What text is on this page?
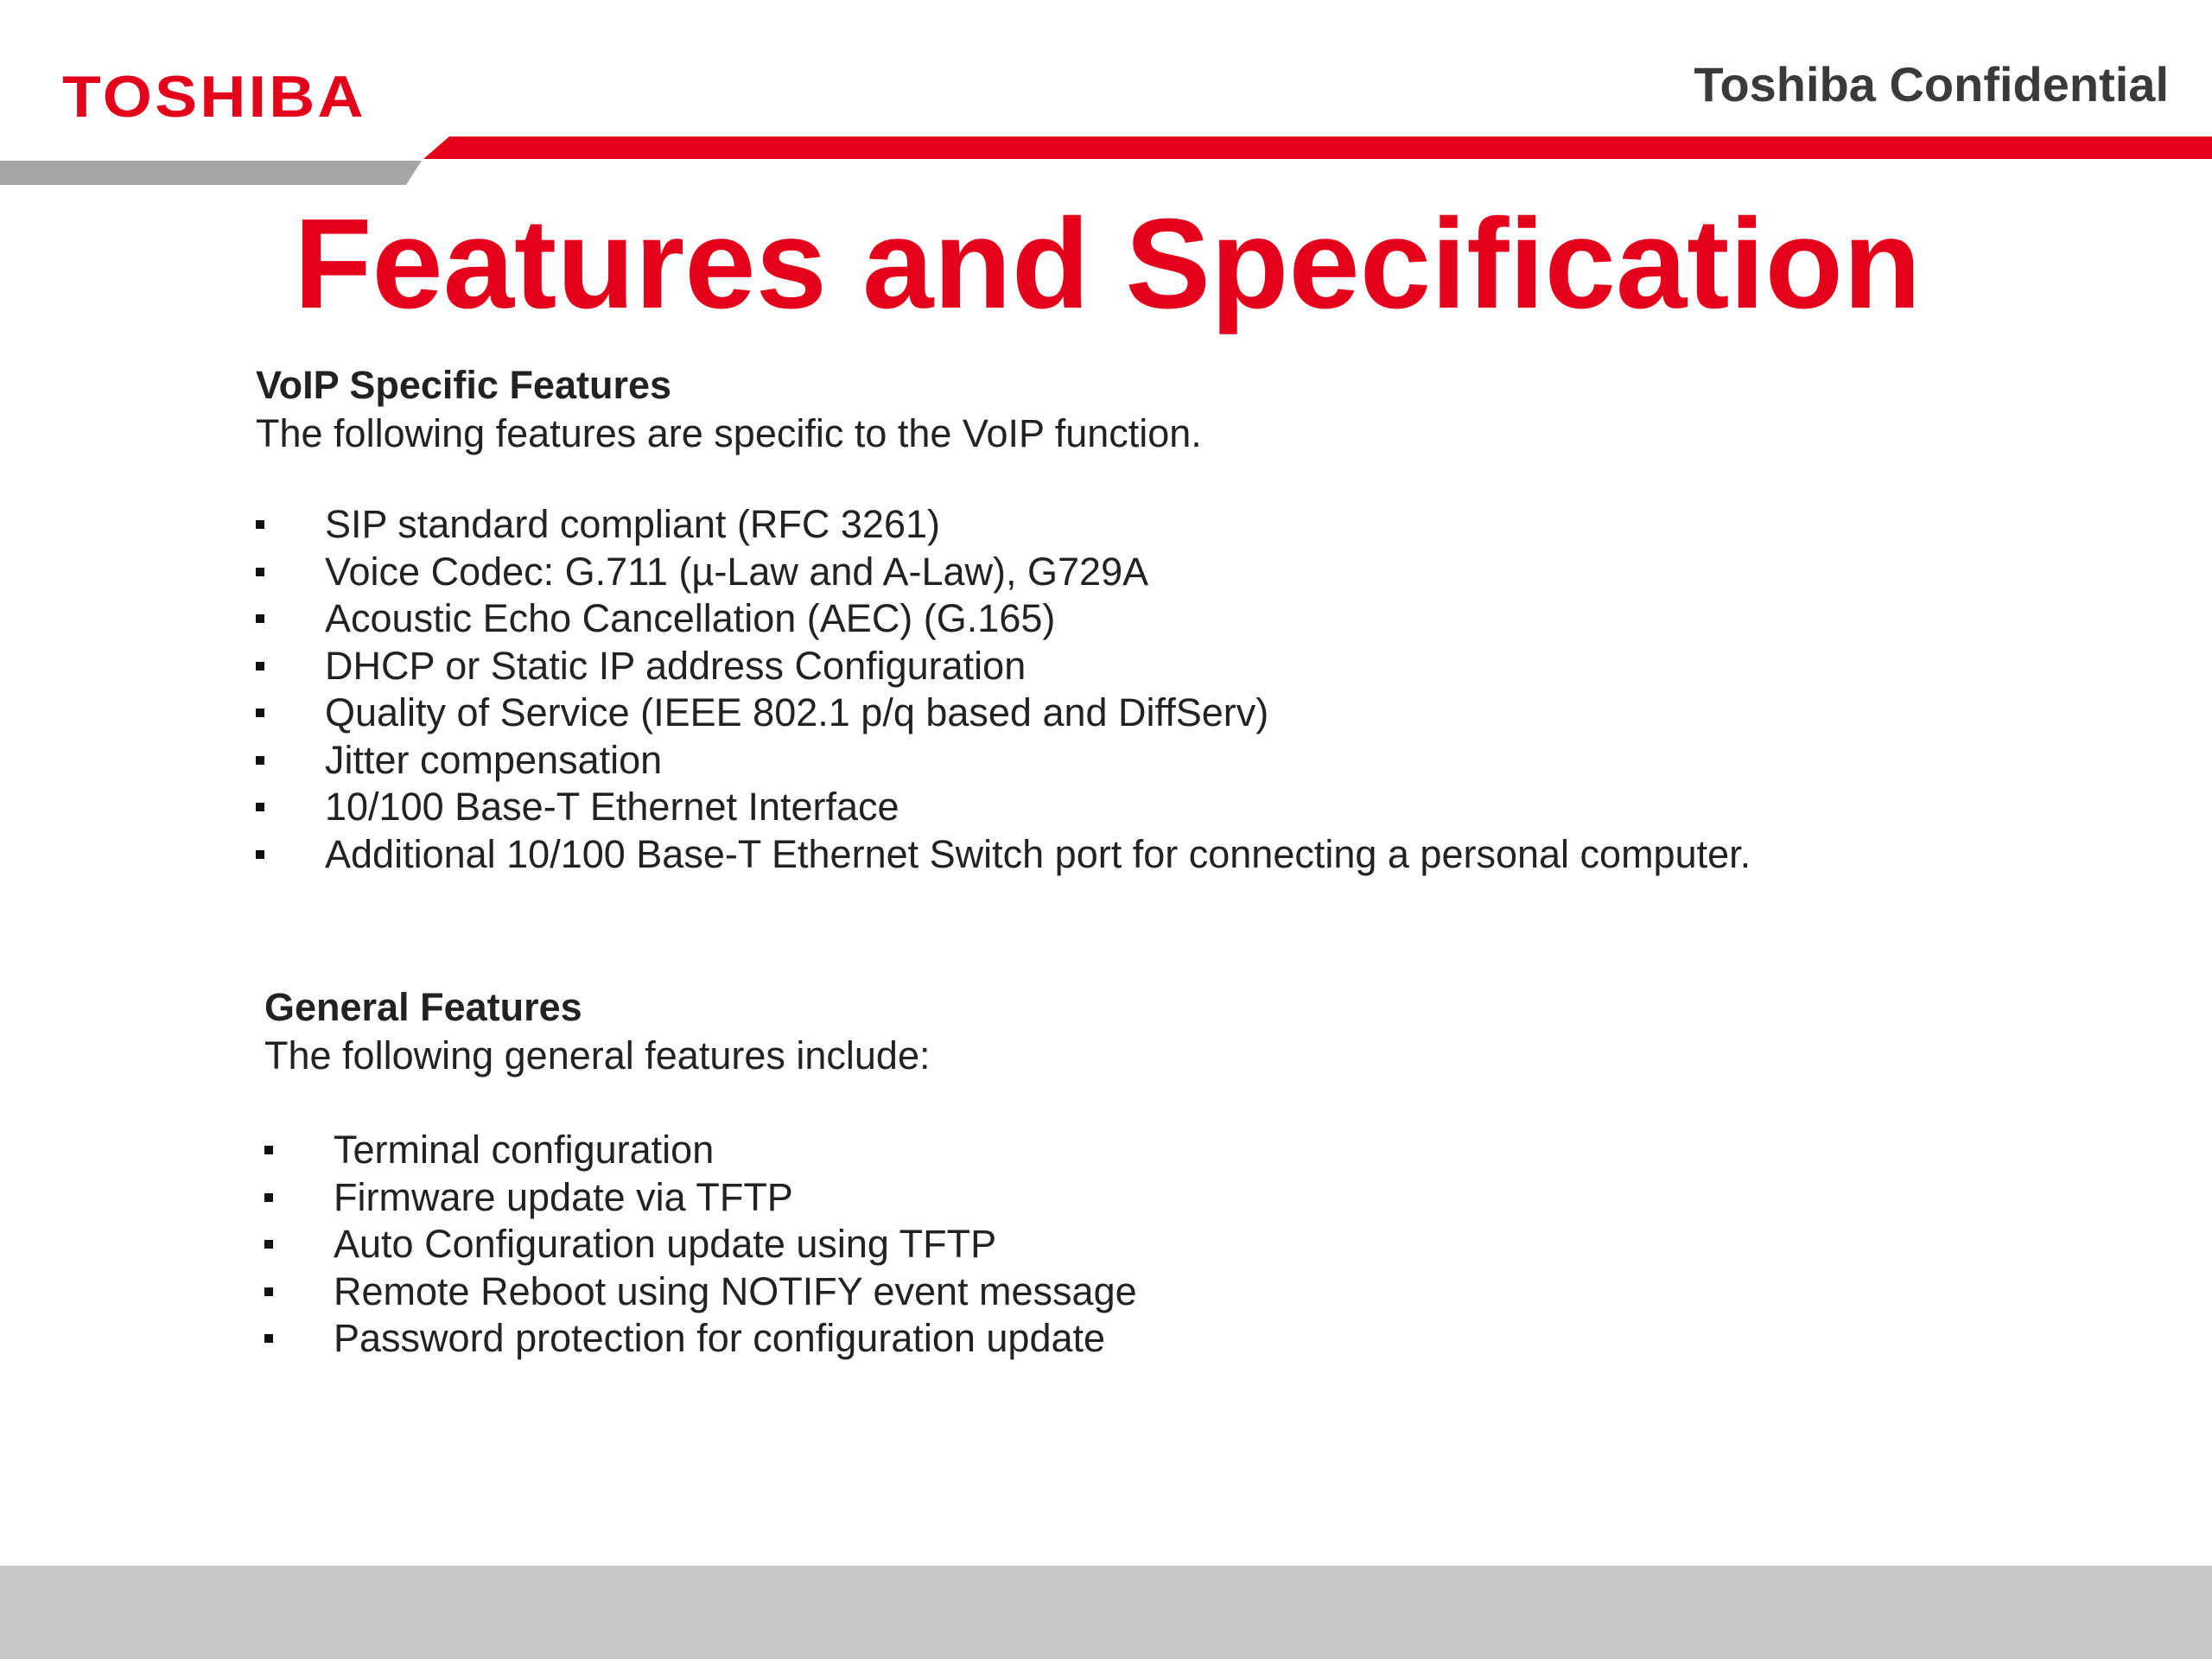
TOSHIBA	Toshiba Confidential
Features and Specification
VoIP Specific Features

The following features are specific to the VoIP function.

SIP standard compliant (RFC 3261)
Voice Codec: G.711 (µ-Law and A-Law), G729A
Acoustic Echo Cancellation (AEC) (G.165)
DHCP or Static IP address Configuration
Quality of Service (IEEE 802.1 p/q based and DiffServ)
Jitter compensation
10/100 Base-T Ethernet Interface
Additional 10/100 Base-T Ethernet Switch port for connecting a personal computer.
General Features

The following general features include:

Terminal configuration
Firmware update via TFTP
Auto Configuration update using TFTP
Remote Reboot using NOTIFY event message
Password protection for configuration update
